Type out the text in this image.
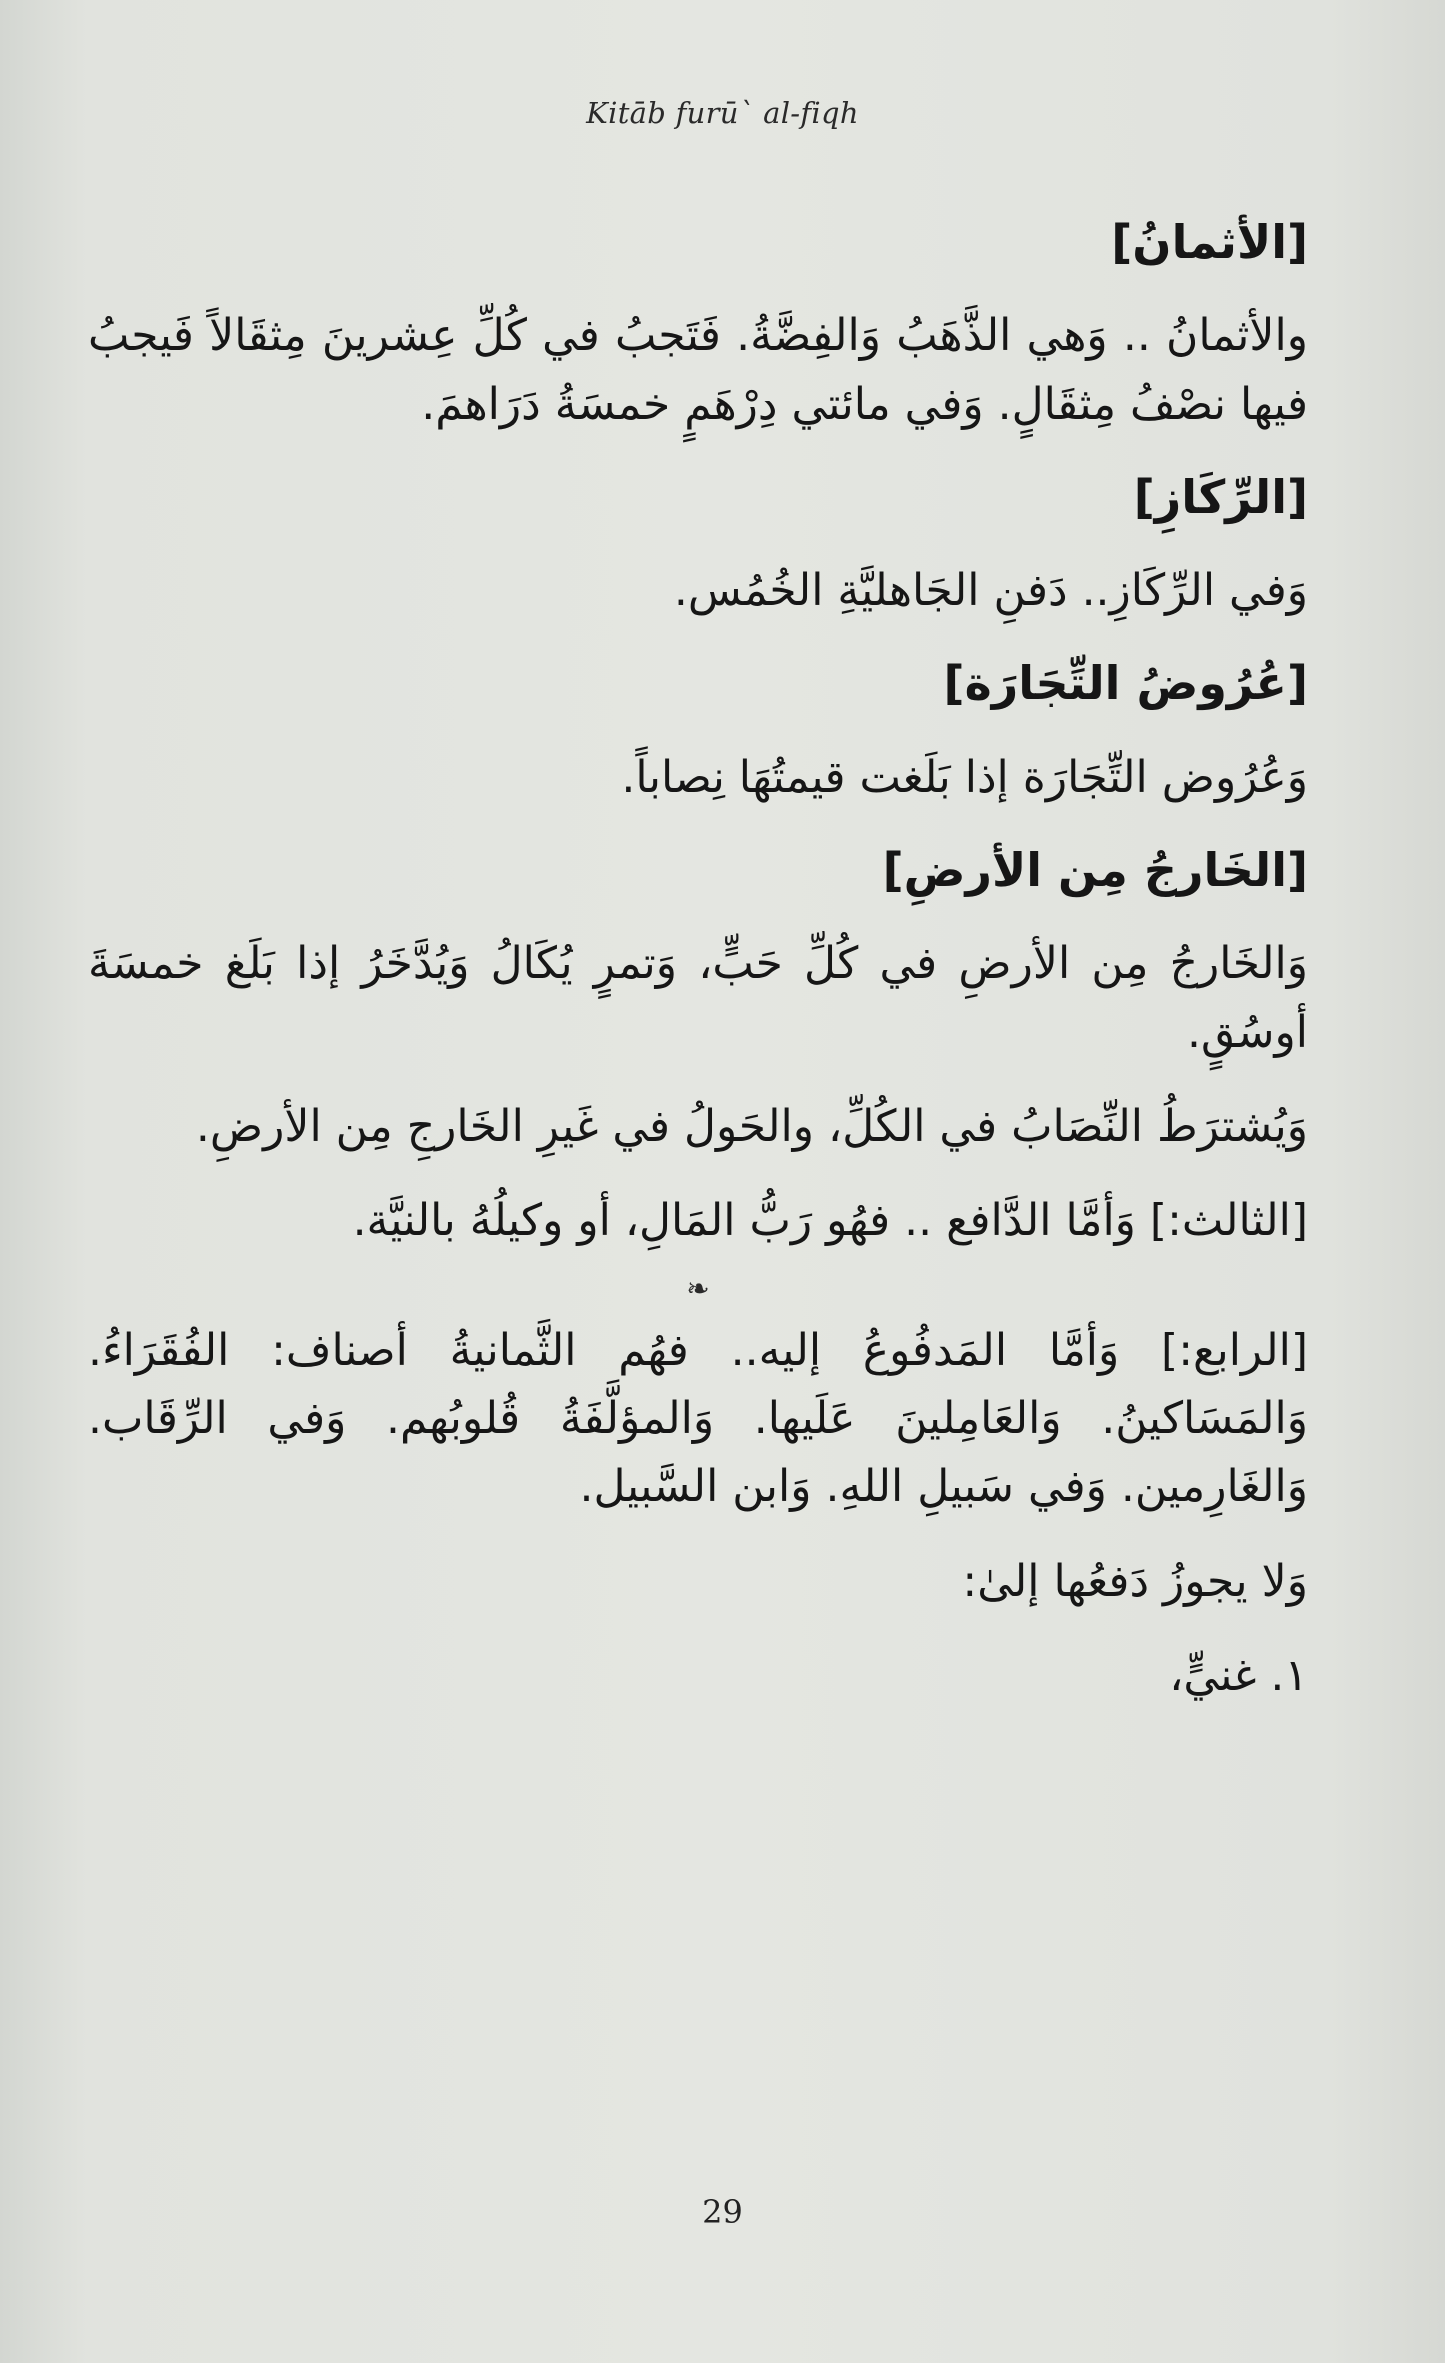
Kitāb furū` al-fiqh
[الأثمانُ]
والأثمانُ .. وَهي الذَّهَبُ وَالفِضَّةُ. فَتَجبُ في كُلِّ عِشرينَ مِثقَالاً فَيجبُ فيها نصْفُ مِثقَالٍ. وَفي مائتي دِرْهَمٍ خمسَةُ دَرَاهمَ.
[الرِّكَازِ]
وَفي الرِّكَازِ.. دَفنِ الجَاهليَّةِ الخُمُس.
[عُرُوضُ التِّجَارَة]
وَعُرُوض التِّجَارَة إذا بَلَغت قيمتُهَا نِصاباً.
[الخَارجُ مِن الأرضِ]
وَالخَارجُ مِن الأرضِ في كُلِّ حَبٍّ، وَتمرٍ يُكَالُ وَيُدَّخَرُ إذا بَلَغ خمسَةَ أوسُقٍ.
وَيُشترَطُ النِّصَابُ في الكُلِّ، والحَولُ في غَيرِ الخَارجِ مِن الأرضِ.
[الثالث:] وَأمَّا الدَّافع .. فهُو رَبُّ المَالِ، أو وكيلُهُ بالنيَّة.
❧
[الرابع:] وَأمَّا المَدفُوعُ إليه.. فهُم الثَّمانيةُ أصناف: الفُقَرَاءُ. وَالمَسَاكينُ. وَالعَامِلينَ عَلَيها. وَالمؤلَّفَةُ قُلوبُهم. وَفي الرِّقَاب. وَالغَارِمين. وَفي سَبيلِ اللهِ. وَابن السَّبيل.
وَلا يجوزُ دَفعُها إلىٰ:
١. غنيٍّ،
29
